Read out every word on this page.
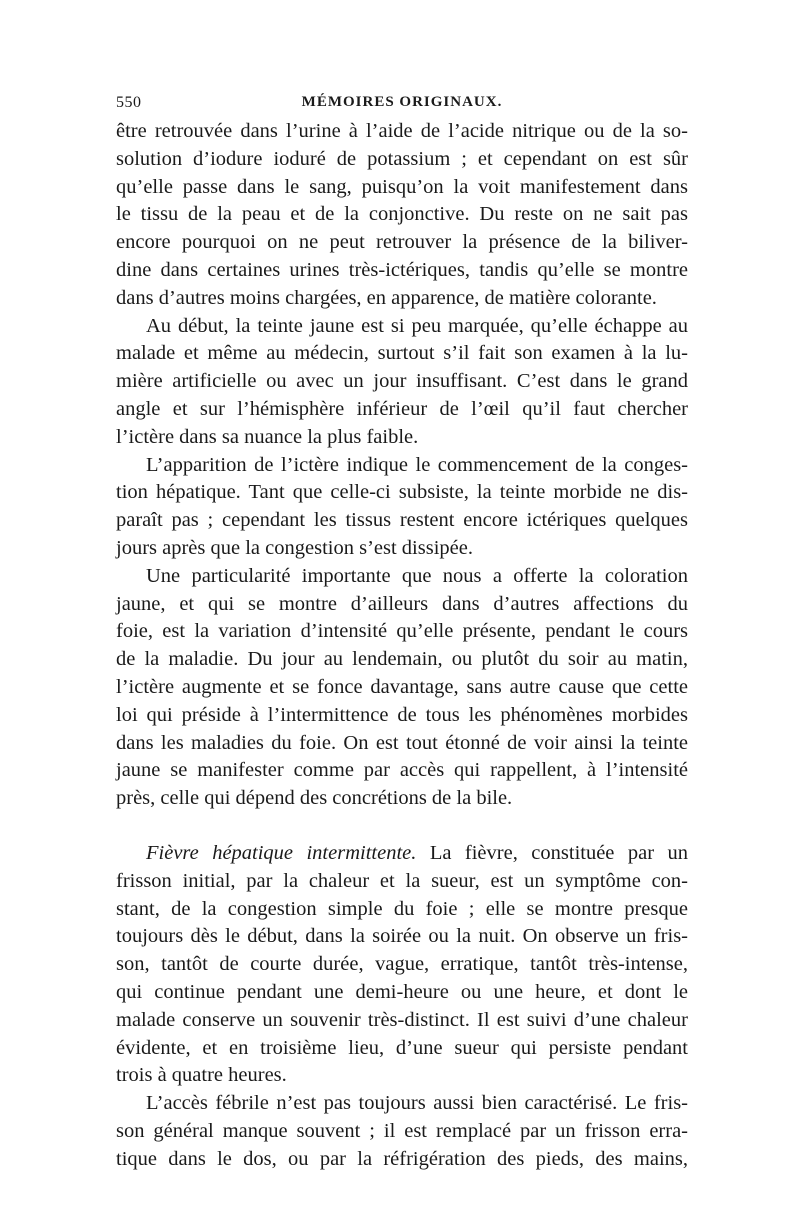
550	MÉMOIRES ORIGINAUX.
être retrouvée dans l’urine à l’aide de l’acide nitrique ou de la so-
solution d’iodure ioduré de potassium ; et cependant on est sûr
qu’elle passe dans le sang, puisqu’on la voit manifestement dans
le tissu de la peau et de la conjonctive. Du reste on ne sait pas
encore pourquoi on ne peut retrouver la présence de la biliver-
dine dans certaines urines très-ictériques, tandis qu’elle se montre
dans d’autres moins chargées, en apparence, de matière colorante.
Au début, la teinte jaune est si peu marquée, qu’elle échappe au
malade et même au médecin, surtout s’il fait son examen à la lu-
mière artificielle ou avec un jour insuffisant. C’est dans le grand
angle et sur l’hémisphère inférieur de l’œil qu’il faut chercher
l’ictère dans sa nuance la plus faible.
L’apparition de l’ictère indique le commencement de la conges-
tion hépatique. Tant que celle-ci subsiste, la teinte morbide ne dis-
paraît pas ; cependant les tissus restent encore ictériques quelques
jours après que la congestion s’est dissipée.
Une particularité importante que nous a offerte la coloration
jaune, et qui se montre d’ailleurs dans d’autres affections du
foie, est la variation d’intensité qu’elle présente, pendant le cours
de la maladie. Du jour au lendemain, ou plutôt du soir au matin,
l’ictère augmente et se fonce davantage, sans autre cause que cette
loi qui préside à l’intermittence de tous les phénomènes morbides
dans les maladies du foie. On est tout étonné de voir ainsi la teinte
jaune se manifester comme par accès qui rappellent, à l’intensité
près, celle qui dépend des concrétions de la bile.
Fièvre hépatique intermittente. La fièvre, constituée par un
frisson initial, par la chaleur et la sueur, est un symptôme con-
stant, de la congestion simple du foie ; elle se montre presque
toujours dès le début, dans la soirée ou la nuit. On observe un fris-
son, tantôt de courte durée, vague, erratique, tantôt très-intense,
qui continue pendant une demi-heure ou une heure, et dont le
malade conserve un souvenir très-distinct. Il est suivi d’une chaleur
évidente, et en troisième lieu, d’une sueur qui persiste pendant
trois à quatre heures.
L’accès fébrile n’est pas toujours aussi bien caractérisé. Le fris-
son général manque souvent ; il est remplacé par un frisson erra-
tique dans le dos, ou par la réfrigération des pieds, des mains,
